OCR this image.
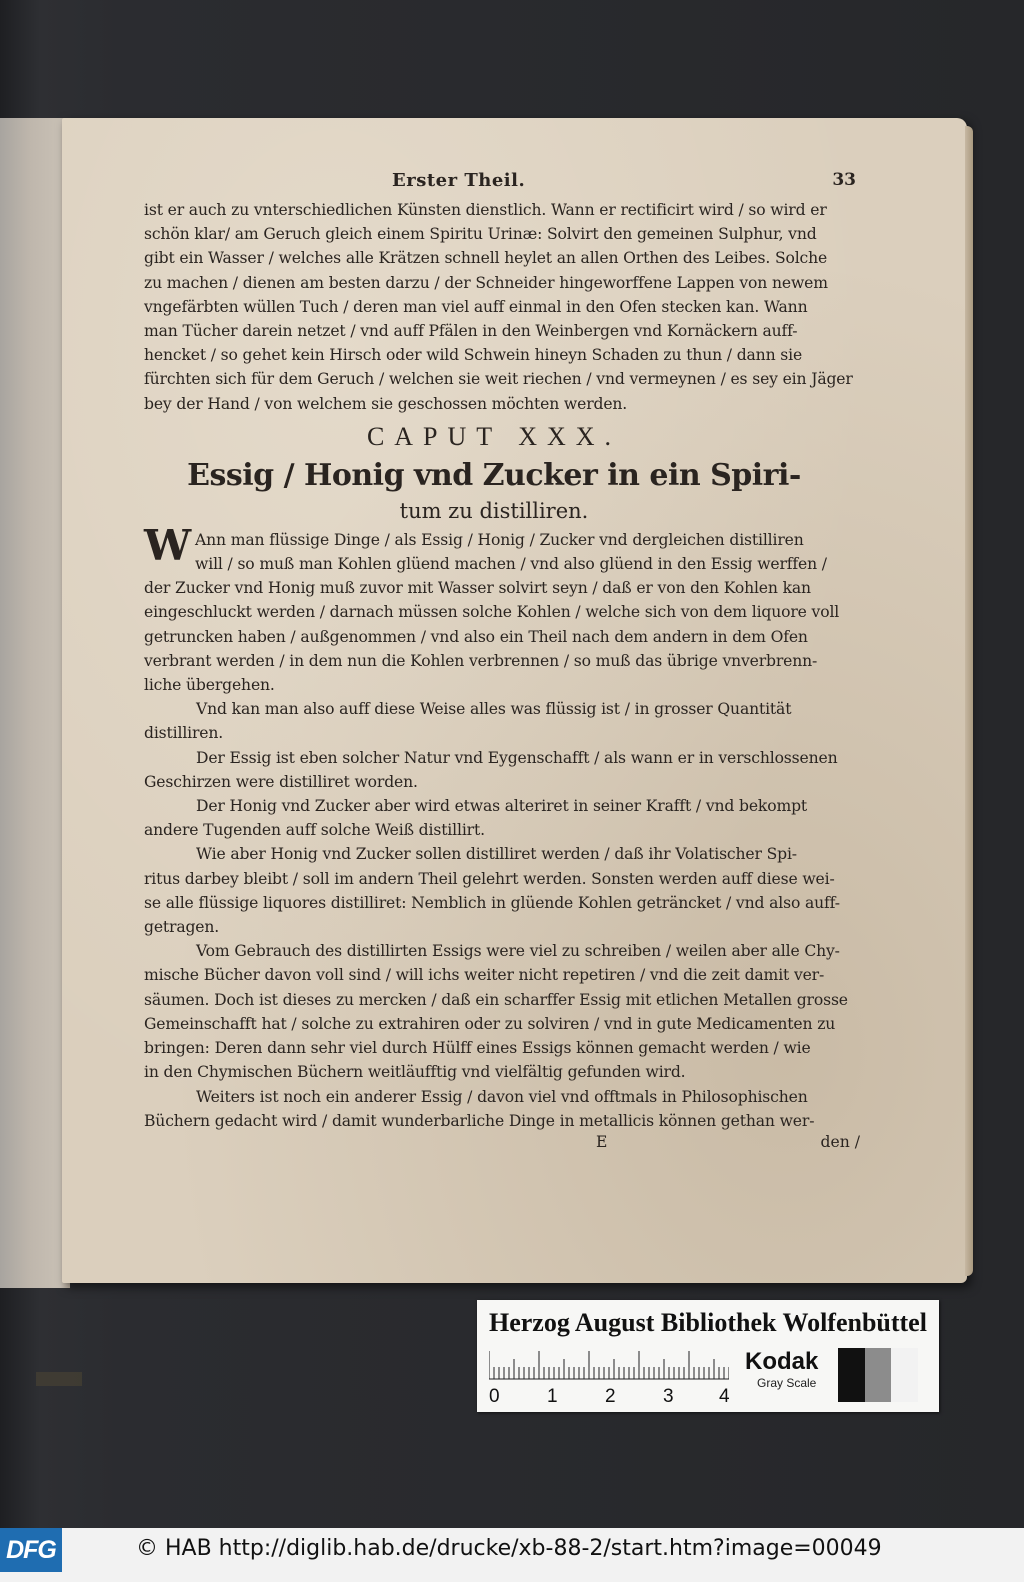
Erster Theil.	33
ist er auch zu vnterschiedlichen Künsten dienstlich. Wann er rectificirt wird / so wird er
schön klar/ am Geruch gleich einem Spiritu Urinæ: Solvirt den gemeinen Sulphur, vnd
gibt ein Wasser / welches alle Krätzen schnell heylet an allen Orthen des Leibes. Solche
zu machen / dienen am besten darzu / der Schneider hingeworffene Lappen von newem
vngefärbten wüllen Tuch / deren man viel auff einmal in den Ofen stecken kan. Wann
man Tücher darein netzet / vnd auff Pfälen in den Weinbergen vnd Kornäckern auff-
hencket / so gehet kein Hirsch oder wild Schwein hineyn Schaden zu thun / dann sie
fürchten sich für dem Geruch / welchen sie weit riechen / vnd vermeynen / es sey ein Jäger
bey der Hand / von welchem sie geschossen möchten werden.
CAPUT XXX.
Essig / Honig vnd Zucker in ein Spiri-
tum zu distilliren.
W Ann man flüssige Dinge / als Essig / Honig / Zucker vnd dergleichen distilliren
will / so muß man Kohlen glüend machen / vnd also glüend in den Essig werffen /
der Zucker vnd Honig muß zuvor mit Wasser solvirt seyn / daß er von den Kohlen kan
eingeschluckt werden / darnach müssen solche Kohlen / welche sich von dem liquore voll
getruncken haben / außgenommen / vnd also ein Theil nach dem andern in dem Ofen
verbrant werden / in dem nun die Kohlen verbrennen / so muß das übrige vnverbrenn-
liche übergehen.
Vnd kan man also auff diese Weise alles was flüssig ist / in grosser Quantität
distilliren.
Der Essig ist eben solcher Natur vnd Eygenschafft / als wann er in verschlossenen
Geschirzen were distilliret worden.
Der Honig vnd Zucker aber wird etwas alteriret in seiner Krafft / vnd bekompt
andere Tugenden auff solche Weiß distillirt.
Wie aber Honig vnd Zucker sollen distilliret werden / daß ihr Volatischer Spi-
ritus darbey bleibt / soll im andern Theil gelehrt werden. Sonsten werden auff diese wei-
se alle flüssige liquores distilliret: Nemblich in glüende Kohlen geträncket / vnd also auff-
getragen.
Vom Gebrauch des distillirten Essigs were viel zu schreiben / weilen aber alle Chy-
mische Bücher davon voll sind / will ichs weiter nicht repetiren / vnd die zeit damit ver-
säumen. Doch ist dieses zu mercken / daß ein scharffer Essig mit etlichen Metallen grosse
Gemeinschafft hat / solche zu extrahiren oder zu solviren / vnd in gute Medicamenten zu
bringen: Deren dann sehr viel durch Hülff eines Essigs können gemacht werden / wie
in den Chymischen Büchern weitläufftig vnd vielfältig gefunden wird.
Weiters ist noch ein anderer Essig / davon viel vnd offtmals in Philosophischen
Büchern gedacht wird / damit wunderbarliche Dinge in metallicis können gethan wer-
E	den /
Herzog August Bibliothek Wolfenbüttel
0 1 2 3 4
Kodak
Gray Scale
DFG	© HAB http://diglib.hab.de/drucke/xb-88-2/start.htm?image=00049
